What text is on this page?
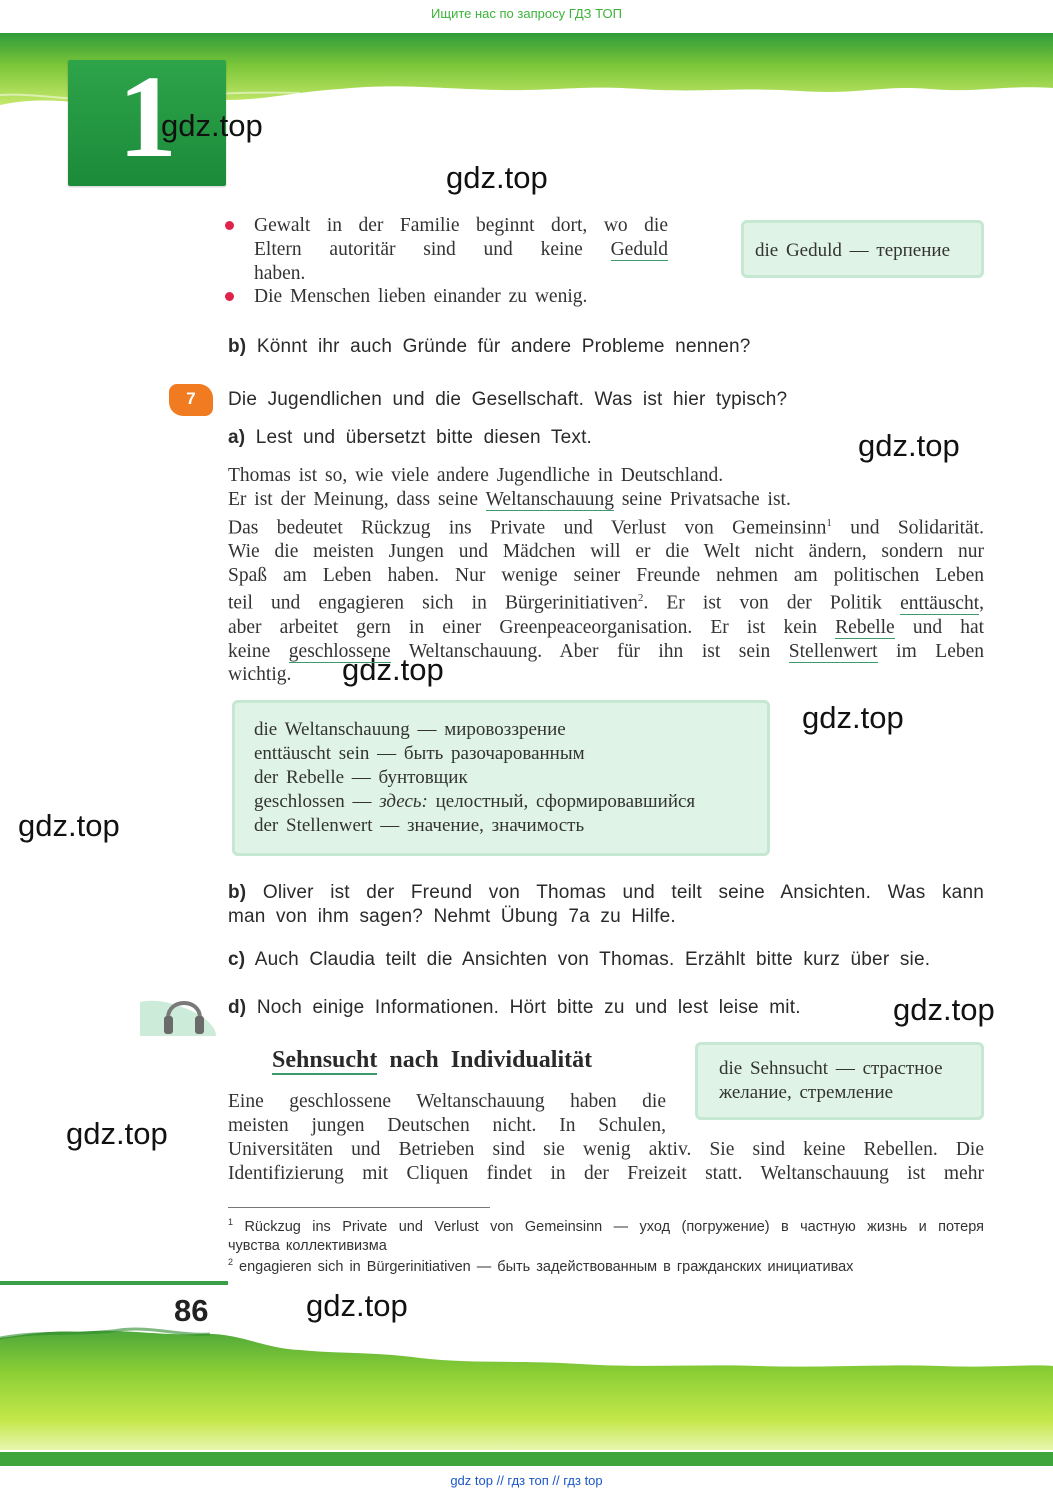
Ищите нас по запросу ГДЗ ТОП
1
gdz.top
gdz.top
gdz.top
gdz.top
gdz.top
gdz.top
gdz.top
gdz.top
gdz.top
Gewalt in der Familie beginnt dort, wo die
Eltern autoritär sind und keine Geduld
haben.
Die Menschen lieben einander zu wenig.
die Geduld — терпение
b) Könnt ihr auch Gründe für andere Probleme nennen?
7	Die Jugendlichen und die Gesellschaft. Was ist hier typisch?
a) Lest und übersetzt bitte diesen Text.
Thomas ist so, wie viele andere Jugendliche in Deutschland.
Er ist der Meinung, dass seine Weltanschauung seine Privatsache ist.
Das bedeutet Rückzug ins Private und Verlust von Gemeinsinn$^1$ und Solidarität.
Wie die meisten Jungen und Mädchen will er die Welt nicht ändern, sondern nur
Spaß am Leben haben. Nur wenige seiner Freunde nehmen am politischen Leben
teil und engagieren sich in Bürgerinitiativen$^2$. Er ist von der Politik enttäuscht,
aber arbeitet gern in einer Greenpeaceorganisation. Er ist kein Rebelle und hat
keine geschlossene Weltanschauung. Aber für ihn ist sein Stellenwert im Leben
wichtig.
die Weltanschauung — мировоззрение
enttäuscht sein — быть разочарованным
der Rebelle — бунтовщик
geschlossen — здесь: целостный, сформировавшийся
der Stellenwert — значение, значимость
b) Oliver ist der Freund von Thomas und teilt seine Ansichten. Was kann
man von ihm sagen? Nehmt Übung 7a zu Hilfe.
c) Auch Claudia teilt die Ansichten von Thomas. Erzählt bitte kurz über sie.
d) Noch einige Informationen. Hört bitte zu und lest leise mit.
Sehnsucht nach Individualität	die Sehnsucht — страстное
желание, стремление
Eine geschlossene Weltanschauung haben die
meisten jungen Deutschen nicht. In Schulen,
Universitäten und Betrieben sind sie wenig aktiv. Sie sind keine Rebellen. Die
Identifizierung mit Cliquen findet in der Freizeit statt. Weltanschauung ist mehr
$^1$ Rückzug ins Private und Verlust von Gemeinsinn — уход (погружение) в частную жизнь и потеря
чувства коллективизма
$^2$ engagieren sich in Bürgerinitiativen — быть задействованным в гражданских инициативах
86
gdz top // гдз топ // гдз top
